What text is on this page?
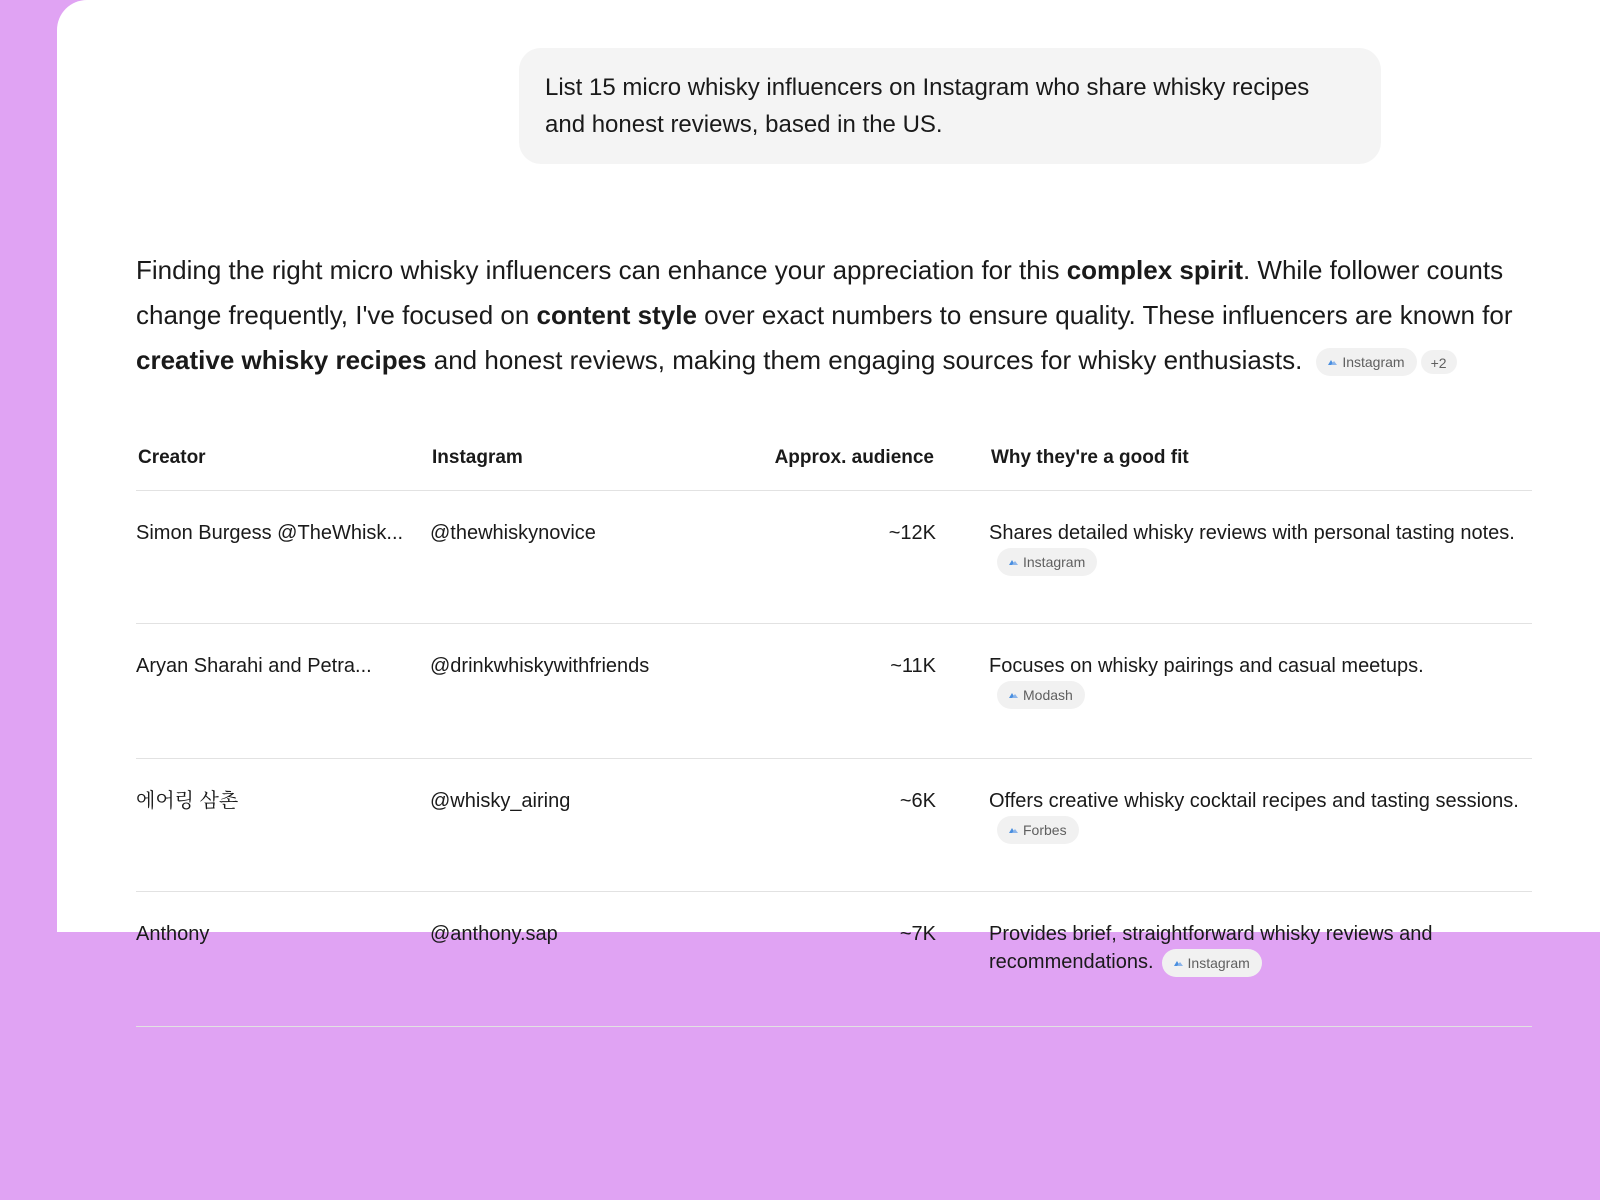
List 15 micro whisky influencers on Instagram who share whisky recipes and honest reviews, based in the US.
Finding the right micro whisky influencers can enhance your appreciation for this complex spirit. While follower counts change frequently, I've focused on content style over exact numbers to ensure quality. These influencers are known for creative whisky recipes and honest reviews, making them engaging sources for whisky enthusiasts.	Instagram +2
Creator	Instagram	Approx. audience	Why they're a good fit

Simon Burgess @TheWhisk...	@thewhiskynovice	~12K	Shares detailed whisky reviews with personal tasting notes.

Instagram

Aryan Sharahi and Petra...	@drinkwhiskywithfriends	~11K	Focuses on whisky pairings and casual meetups.

Modash

에어링 삼촌	@whisky_airing	~6K	Offers creative whisky cocktail recipes and tasting sessions.
Forbes

Anthony	@anthony.sap	~7K	Provides brief, straightforward whisky reviews and recommendations. Instagram
